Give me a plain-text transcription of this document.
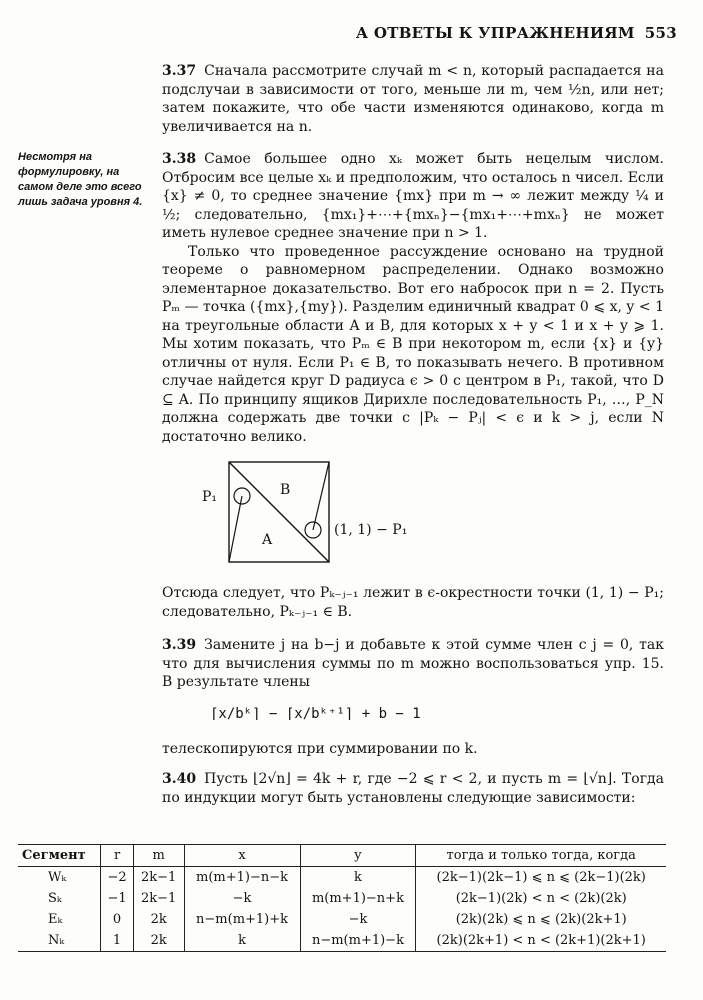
А ОТВЕТЫ К УПРАЖНЕНИЯМ 553
Несмотря на формулировку, на самом деле это всего лишь задача уровня 4.
3.37 Сначала рассмотрите случай m < n, который распадается на подслучаи в зависимости от того, меньше ли m, чем ½n, или нет; затем покажите, что обе части изменяются одинаково, когда m увеличивается на n.
3.38 Самое большее одно xₖ может быть нецелым числом. Отбросим все целые xₖ и предположим, что осталось n чисел. Если {x} ≠ 0, то среднее значение {mx} при m → ∞ лежит между ¼ и ½; следовательно, {mx₁}+⋯+{mxₙ}−{mx₁+⋯+mxₙ} не может иметь нулевое среднее значение при n > 1.
Только что проведенное рассуждение основано на трудной теореме о равномерном распределении. Однако возможно элементарное доказательство. Вот его набросок при n = 2. Пусть Pₘ — точка ({mx},{my}). Разделим единичный квадрат 0 ⩽ x, y < 1 на треугольные области A и B, для которых x + y < 1 и x + y ⩾ 1. Мы хотим показать, что Pₘ ∈ B при некотором m, если {x} и {y} отличны от нуля. Если P₁ ∈ B, то показывать нечего. В противном случае найдется круг D радиуса ϵ > 0 с центром в P₁, такой, что D ⊆ A. По принципу ящиков Дирихле последовательность P₁, …, P_N должна содержать две точки с |Pₖ − Pⱼ| < ϵ и k > j, если N достаточно велико.
P₁	B
A
(1, 1) − P₁
Отсюда следует, что Pₖ₋ⱼ₋₁ лежит в ϵ-окрестности точки (1, 1) − P₁; следовательно, Pₖ₋ⱼ₋₁ ∈ B.
3.39 Замените j на b−j и добавьте к этой сумме член с j = 0, так что для вычисления суммы по m можно воспользоваться упр. 15. В результате члены
⌈x/bᵏ⌉ − ⌈x/bᵏ⁺¹⌉ + b − 1
телескопируются при суммировании по k.
3.40 Пусть ⌊2√n⌋ = 4k + r, где −2 ⩽ r < 2, и пусть m = ⌊√n⌋. Тогда по индукции могут быть установлены следующие зависимости:
Сегмент	r	m	x	y	тогда и только тогда, когда
Wₖ	−2	2k−1	m(m+1)−n−k	k	(2k−1)(2k−1) ⩽ n ⩽ (2k−1)(2k)
Sₖ	−1	2k−1	−k	m(m+1)−n+k	(2k−1)(2k) < n < (2k)(2k)
Eₖ	0	2k	n−m(m+1)+k	−k	(2k)(2k) ⩽ n ⩽ (2k)(2k+1)
Nₖ	1	2k	k	n−m(m+1)−k	(2k)(2k+1) < n < (2k+1)(2k+1)
